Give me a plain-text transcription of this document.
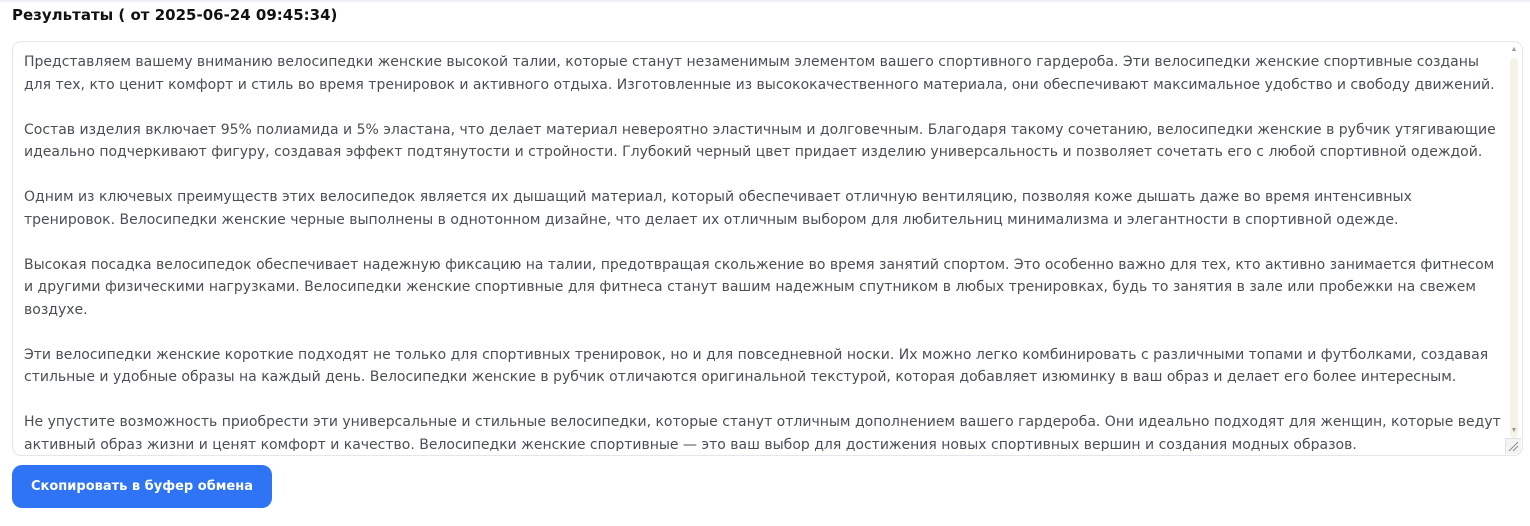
Результаты ( от 2025-06-24 09:45:34)

Представляем вашему вниманию велосипедки женские высокой талии, которые станут незаменимым элементом вашего спортивного гардероба. Эти велосипедки женские спортивные созданы для тех, кто ценит комфорт и стиль во время тренировок и активного отдыха. Изготовленные из высококачественного материала, они обеспечивают максимальное удобство и свободу движений.

Состав изделия включает 95% полиамида и 5% эластана, что делает материал невероятно эластичным и долговечным. Благодаря такому сочетанию, велосипедки женские в рубчик утягивающие идеально подчеркивают фигуру, создавая эффект подтянутости и стройности. Глубокий черный цвет придает изделию универсальность и позволяет сочетать его с любой спортивной одеждой.

Одним из ключевых преимуществ этих велосипедок является их дышащий материал, который обеспечивает отличную вентиляцию, позволяя коже дышать даже во время интенсивных тренировок. Велосипедки женские черные выполнены в однотонном дизайне, что делает их отличным выбором для любительниц минимализма и элегантности в спортивной одежде.

Высокая посадка велосипедок обеспечивает надежную фиксацию на талии, предотвращая скольжение во время занятий спортом. Это особенно важно для тех, кто активно занимается фитнесом и другими физическими нагрузками. Велосипедки женские спортивные для фитнеса станут вашим надежным спутником в любых тренировках, будь то занятия в зале или пробежки на свежем воздухе.

Эти велосипедки женские короткие подходят не только для спортивных тренировок, но и для повседневной носки. Их можно легко комбинировать с различными топами и футболками, создавая стильные и удобные образы на каждый день. Велосипедки женские в рубчик отличаются оригинальной текстурой, которая добавляет изюминку в ваш образ и делает его более интересным.

Не упустите возможность приобрести эти универсальные и стильные велосипедки, которые станут отличным дополнением вашего гардероба. Они идеально подходят для женщин, которые ведут активный образ жизни и ценят комфорт и качество. Велосипедки женские спортивные — это ваш выбор для достижения новых спортивных вершин и создания модных образов.

▲
▼
Скопировать в буфер обмена
